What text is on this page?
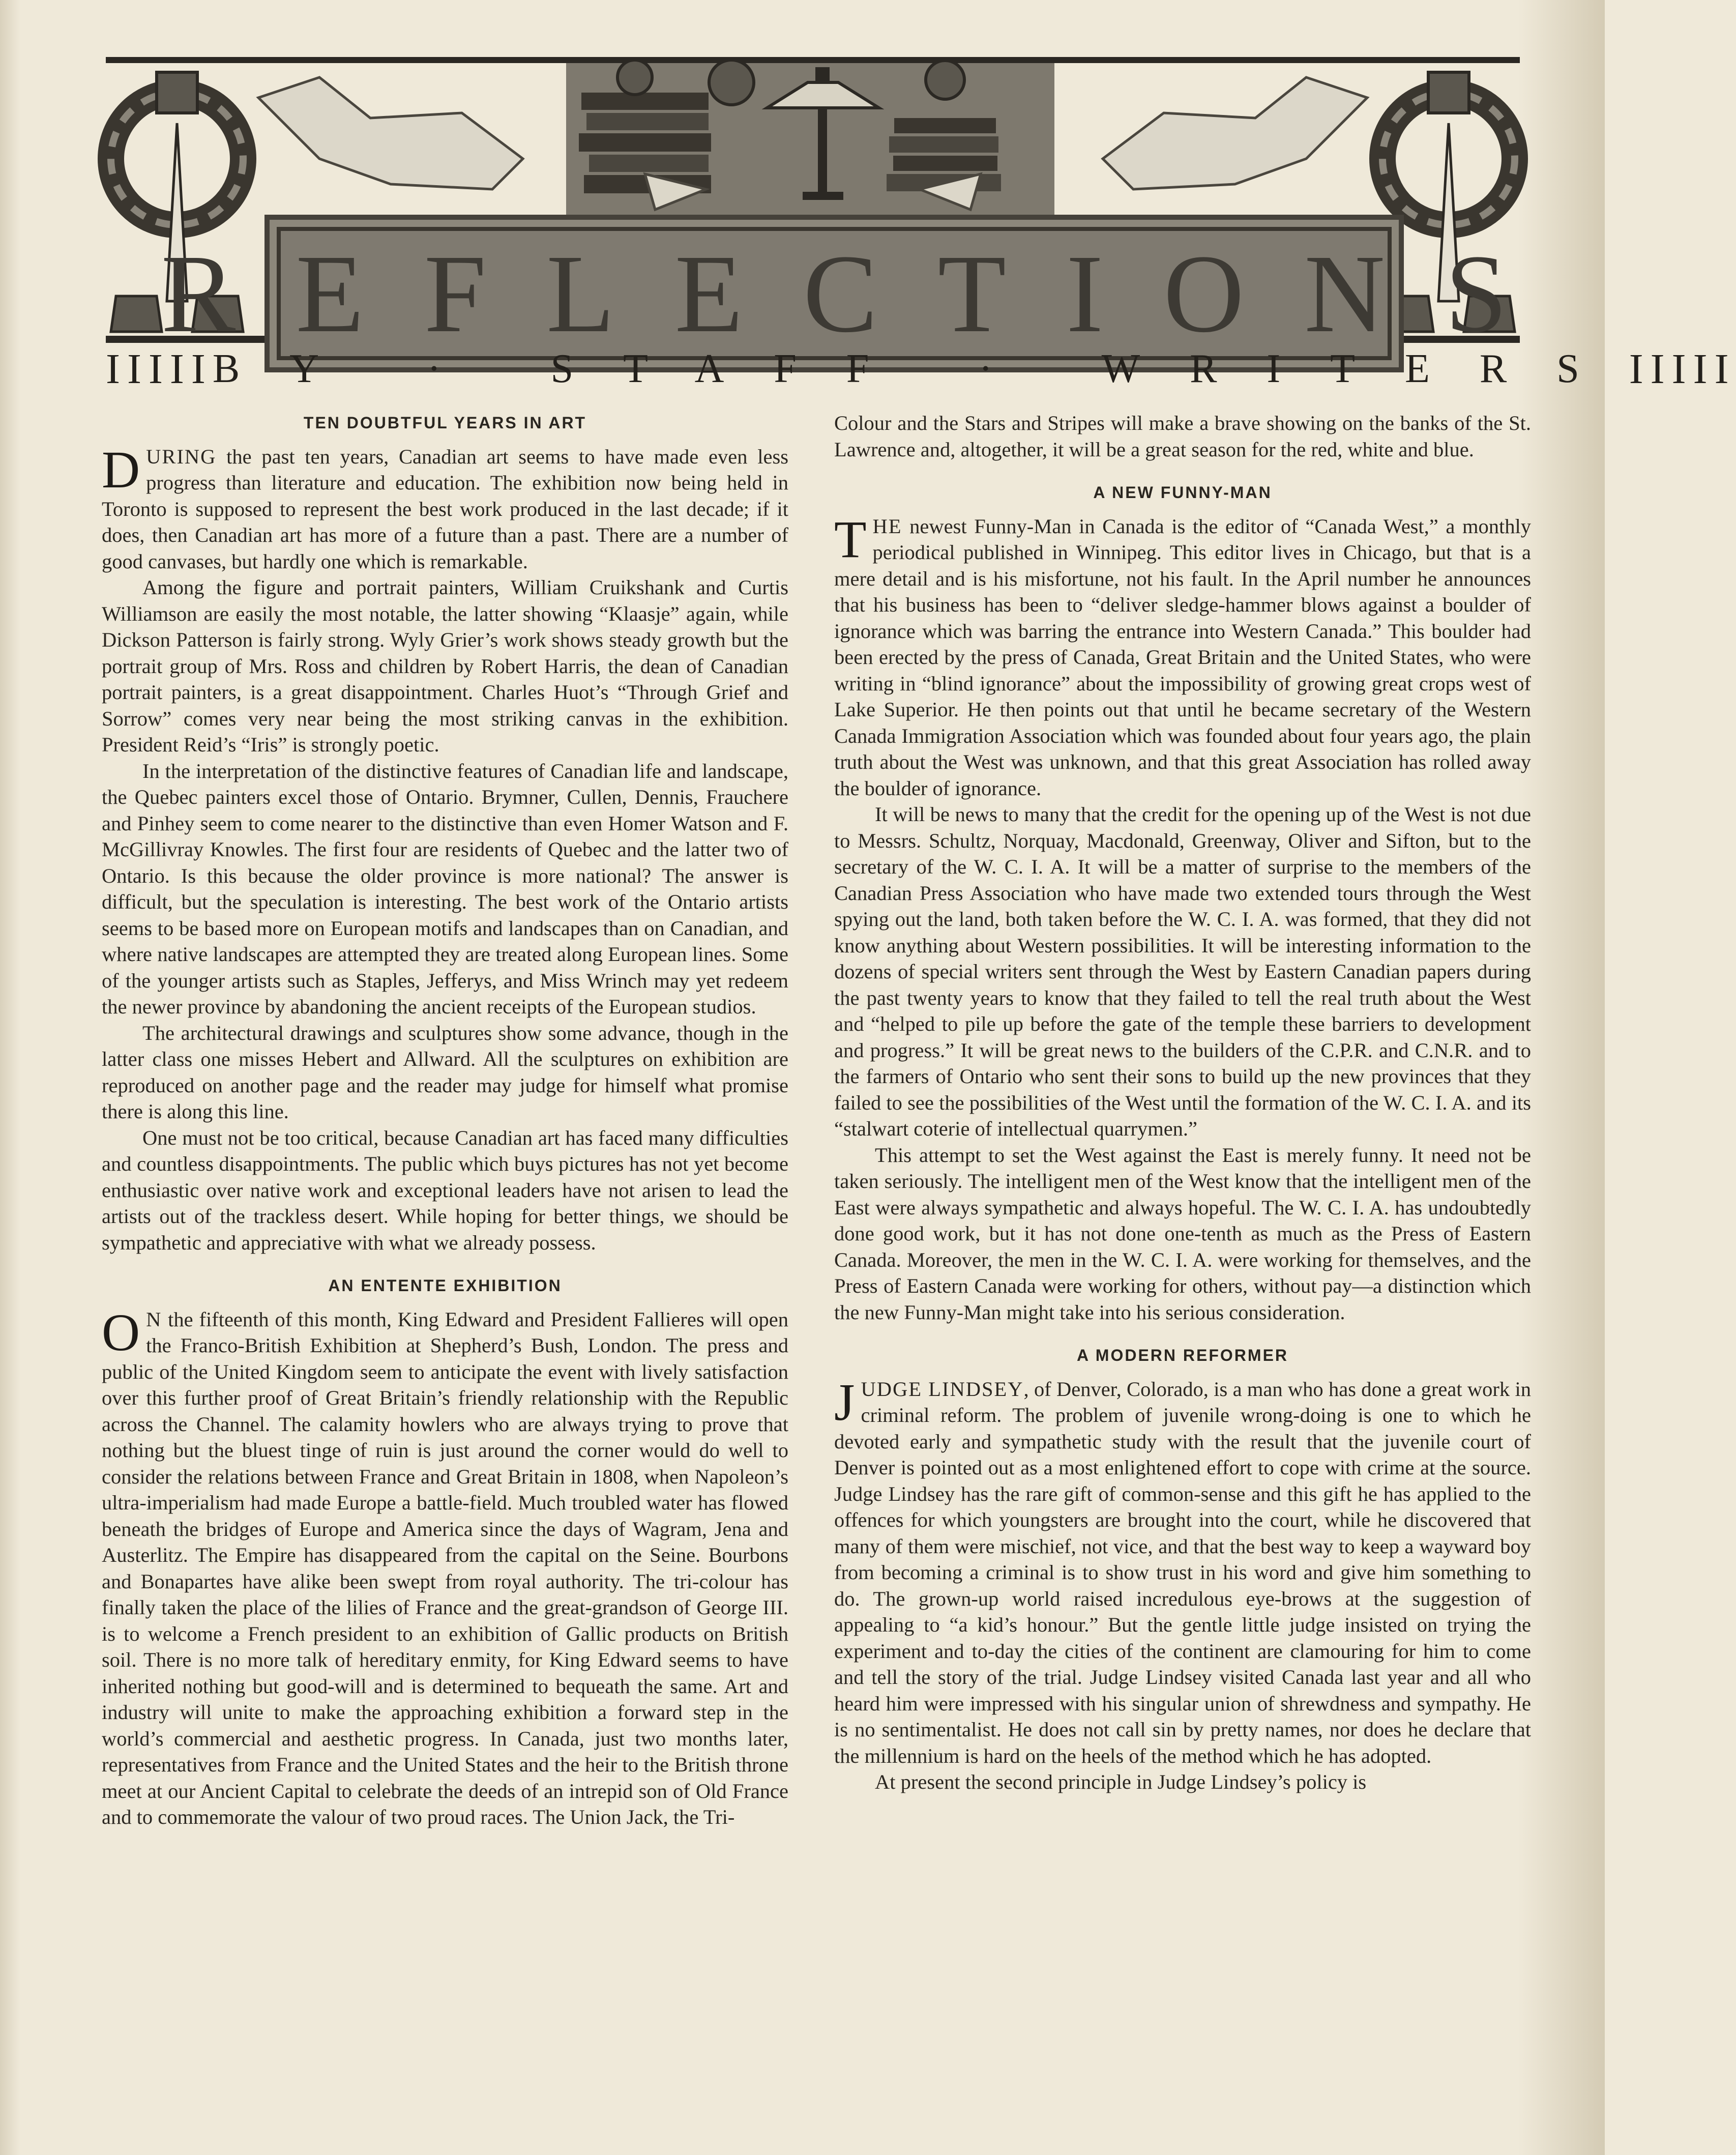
REFLECTIONS
IIIII BY · STAFF · WRITERS IIIII
TEN DOUBTFUL YEARS IN ART

DURING the past ten years, Canadian art seems to have made even less progress than literature and education. The exhibition now being held in Toronto is supposed to represent the best work produced in the last decade; if it does, then Canadian art has more of a future than a past. There are a number of good canvases, but hardly one which is remarkable.

Among the figure and portrait painters, William Cruikshank and Curtis Williamson are easily the most notable, the latter showing “Klaasje” again, while Dickson Patterson is fairly strong. Wyly Grier’s work shows steady growth but the portrait group of Mrs. Ross and children by Robert Harris, the dean of Canadian portrait painters, is a great disappointment. Charles Huot’s “Through Grief and Sorrow” comes very near being the most striking canvas in the exhibition. President Reid’s “Iris” is strongly poetic.

In the interpretation of the distinctive features of Canadian life and landscape, the Quebec painters excel those of Ontario. Brymner, Cullen, Dennis, Frauchere and Pinhey seem to come nearer to the distinctive than even Homer Watson and F. McGillivray Knowles. The first four are residents of Quebec and the latter two of Ontario. Is this because the older province is more national? The answer is difficult, but the speculation is interesting. The best work of the Ontario artists seems to be based more on European motifs and landscapes than on Canadian, and where native landscapes are attempted they are treated along European lines. Some of the younger artists such as Staples, Jefferys, and Miss Wrinch may yet redeem the newer province by abandoning the ancient receipts of the European studios.

The architectural drawings and sculptures show some advance, though in the latter class one misses Hebert and Allward. All the sculptures on exhibition are reproduced on another page and the reader may judge for himself what promise there is along this line.

One must not be too critical, because Canadian art has faced many difficulties and countless disappointments. The public which buys pictures has not yet become enthusiastic over native work and exceptional leaders have not arisen to lead the artists out of the trackless desert. While hoping for better things, we should be sympathetic and appreciative with what we already possess.

AN ENTENTE EXHIBITION

O N the fifteenth of this month, King Edward and President Fallieres will open the Franco-British Exhibition at Shepherd’s Bush, London. The press and public of the United Kingdom seem to anticipate the event with lively satisfaction over this further proof of Great Britain’s friendly relationship with the Republic across the Channel. The calamity howlers who are always trying to prove that nothing but the bluest tinge of ruin is just around the corner would do well to consider the relations between France and Great Britain in 1808, when Napoleon’s ultra-imperialism had made Europe a battle-field. Much troubled water has flowed beneath the bridges of Europe and America since the days of Wagram, Jena and Austerlitz. The Empire has disappeared from the capital on the Seine. Bourbons and Bonapartes have alike been swept from royal authority. The tri-colour has finally taken the place of the lilies of France and the great-grandson of George III. is to welcome a French president to an exhibition of Gallic products on British soil. There is no more talk of hereditary enmity, for King Edward seems to have inherited nothing but good-will and is determined to bequeath the same. Art and industry will unite to make the approaching exhibition a forward step in the world’s commercial and aesthetic progress. In Canada, just two months later, representatives from France and the United States and the heir to the British throne meet at our Ancient Capital to celebrate the deeds of an intrepid son of Old France and to commemorate the valour of two proud races. The Union Jack, the Tri-

Colour and the Stars and Stripes will make a brave showing on the banks of the St. Lawrence and, altogether, it will be a great season for the red, white and blue.

A NEW FUNNY-MAN

THE newest Funny-Man in Canada is the editor of “Canada West,” a monthly periodical published in Winnipeg. This editor lives in Chicago, but that is a mere detail and is his misfortune, not his fault. In the April number he announces that his business has been to “deliver sledge-hammer blows against a boulder of ignorance which was barring the entrance into Western Canada.” This boulder had been erected by the press of Canada, Great Britain and the United States, who were writing in “blind ignorance” about the impossibility of growing great crops west of Lake Superior. He then points out that until he became secretary of the Western Canada Immigration Association which was founded about four years ago, the plain truth about the West was unknown, and that this great Association has rolled away the boulder of ignorance.

It will be news to many that the credit for the opening up of the West is not due to Messrs. Schultz, Norquay, Macdonald, Greenway, Oliver and Sifton, but to the secretary of the W. C. I. A. It will be a matter of surprise to the members of the Canadian Press Association who have made two extended tours through the West spying out the land, both taken before the W. C. I. A. was formed, that they did not know anything about Western possibilities. It will be interesting information to the dozens of special writers sent through the West by Eastern Canadian papers during the past twenty years to know that they failed to tell the real truth about the West and “helped to pile up before the gate of the temple these barriers to development and progress.” It will be great news to the builders of the C.P.R. and C.N.R. and to the farmers of Ontario who sent their sons to build up the new provinces that they failed to see the possibilities of the West until the formation of the W. C. I. A. and its “stalwart coterie of intellectual quarrymen.”

This attempt to set the West against the East is merely funny. It need not be taken seriously. The intelligent men of the West know that the intelligent men of the East were always sympathetic and always hopeful. The W. C. I. A. has undoubtedly done good work, but it has not done one-tenth as much as the Press of Eastern Canada. Moreover, the men in the W. C. I. A. were working for themselves, and the Press of Eastern Canada were working for others, without pay—a distinction which the new Funny-Man might take into his serious consideration.

A MODERN REFORMER

JUDGE LINDSEY, of Denver, Colorado, is a man who has done a great work in criminal reform. The problem of juvenile wrong-doing is one to which he devoted early and sympathetic study with the result that the juvenile court of Denver is pointed out as a most enlightened effort to cope with crime at the source. Judge Lindsey has the rare gift of common-sense and this gift he has applied to the offences for which youngsters are brought into the court, while he discovered that many of them were mischief, not vice, and that the best way to keep a wayward boy from becoming a criminal is to show trust in his word and give him something to do. The grown-up world raised incredulous eye-brows at the suggestion of appealing to “a kid’s honour.” But the gentle little judge insisted on trying the experiment and to-day the cities of the continent are clamouring for him to come and tell the story of the trial. Judge Lindsey visited Canada last year and all who heard him were impressed with his singular union of shrewdness and sympathy. He is no sentimentalist. He does not call sin by pretty names, nor does he declare that the millennium is hard on the heels of the method which he has adopted.

At present the second principle in Judge Lindsey’s policy is
